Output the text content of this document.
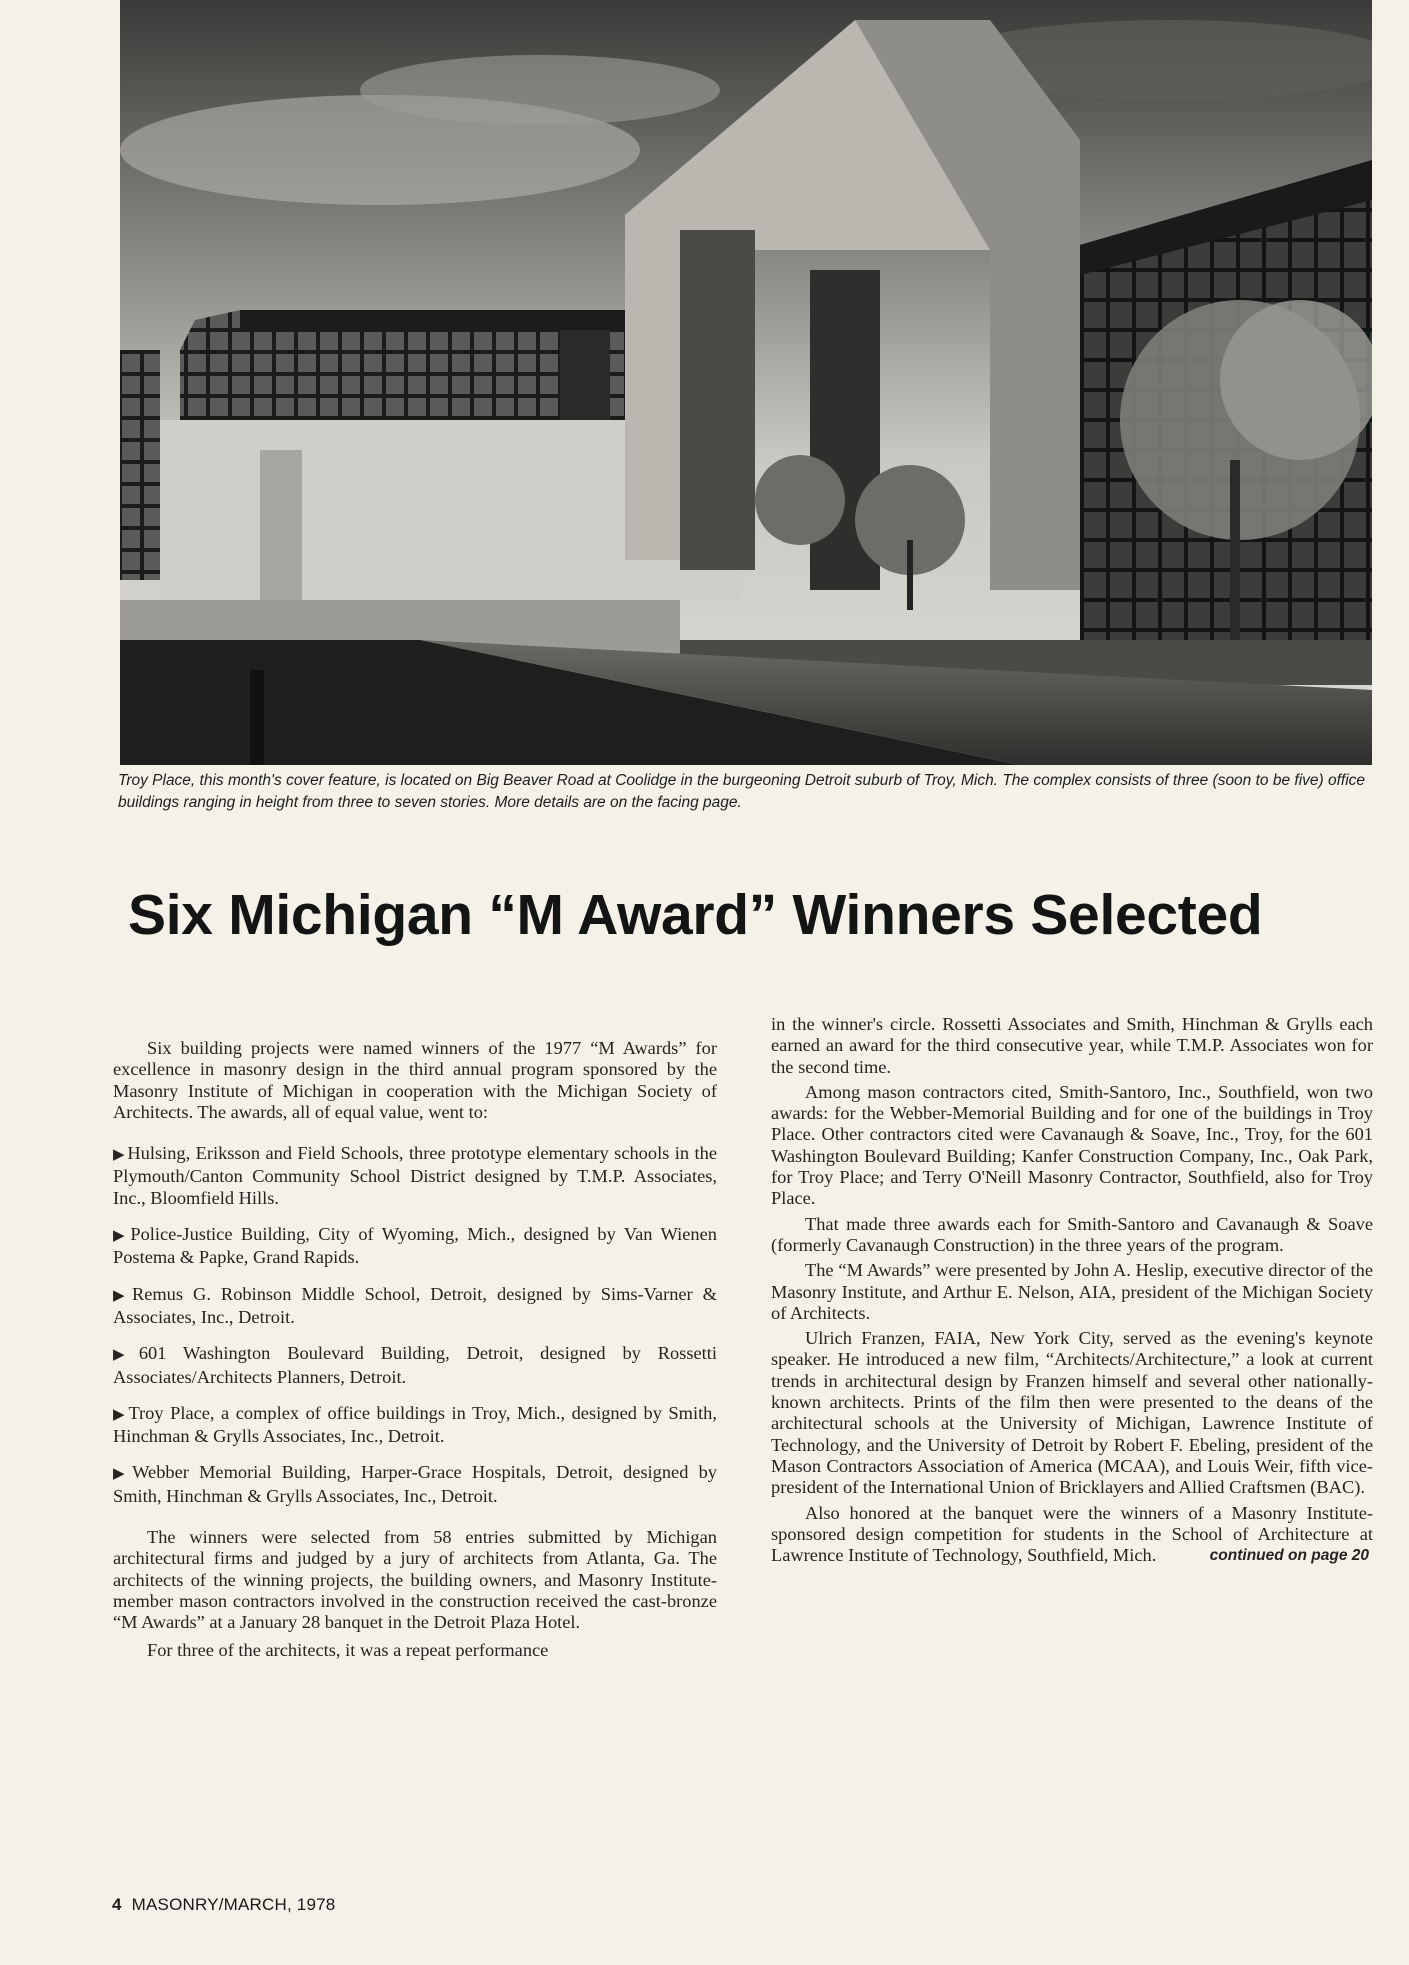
Troy Place, this month's cover feature, is located on Big Beaver Road at Coolidge in the burgeoning Detroit suburb of Troy, Mich. The complex consists of three (soon to be five) office buildings ranging in height from three to seven stories. More details are on the facing page.
Six Michigan “M Award” Winners Selected

Six building projects were named winners of the 1977 “M Awards” for excellence in masonry design in the third annual program sponsored by the Masonry Institute of Michigan in cooperation with the Michigan Society of Architects. The awards, all of equal value, went to:

▶ Hulsing, Eriksson and Field Schools, three prototype elementary schools in the Plymouth/Canton Community School District designed by T.M.P. Associates, Inc., Bloomfield Hills.

▶ Police-Justice Building, City of Wyoming, Mich., designed by Van Wienen Postema & Papke, Grand Rapids.

▶ Remus G. Robinson Middle School, Detroit, designed by Sims-Varner & Associates, Inc., Detroit.

▶ 601 Washington Boulevard Building, Detroit, designed by Rossetti Associates/Architects Planners, Detroit.

▶ Troy Place, a complex of office buildings in Troy, Mich., designed by Smith, Hinchman & Grylls Associates, Inc., Detroit.

▶ Webber Memorial Building, Harper-Grace Hospitals, Detroit, designed by Smith, Hinchman & Grylls Associates, Inc., Detroit.

The winners were selected from 58 entries submitted by Michigan architectural firms and judged by a jury of architects from Atlanta, Ga. The architects of the winning projects, the building owners, and Masonry Institute-member mason contractors involved in the construction received the cast-bronze “M Awards” at a January 28 banquet in the Detroit Plaza Hotel.

For three of the architects, it was a repeat performance

in the winner's circle. Rossetti Associates and Smith, Hinchman & Grylls each earned an award for the third consecutive year, while T.M.P. Associates won for the second time.

Among mason contractors cited, Smith-Santoro, Inc., Southfield, won two awards: for the Webber-Memorial Building and for one of the buildings in Troy Place. Other contractors cited were Cavanaugh & Soave, Inc., Troy, for the 601 Washington Boulevard Building; Kanfer Construction Company, Inc., Oak Park, for Troy Place; and Terry O'Neill Masonry Contractor, Southfield, also for Troy Place.

That made three awards each for Smith-Santoro and Cavanaugh & Soave (formerly Cavanaugh Construction) in the three years of the program.

The “M Awards” were presented by John A. Heslip, executive director of the Masonry Institute, and Arthur E. Nelson, AIA, president of the Michigan Society of Architects.

Ulrich Franzen, FAIA, New York City, served as the evening's keynote speaker. He introduced a new film, “Architects/Architecture,” a look at current trends in architectural design by Franzen himself and several other nationally-known architects. Prints of the film then were presented to the deans of the architectural schools at the University of Michigan, Lawrence Institute of Technology, and the University of Detroit by Robert F. Ebeling, president of the Mason Contractors Association of America (MCAA), and Louis Weir, fifth vice-president of the International Union of Bricklayers and Allied Craftsmen (BAC).

Also honored at the banquet were the winners of a Masonry Institute-sponsored design competition for students in the School of Architecture at Lawrence Institute of Technology, Southfield, Mich.	continued on page 20

4 MASONRY/MARCH, 1978
